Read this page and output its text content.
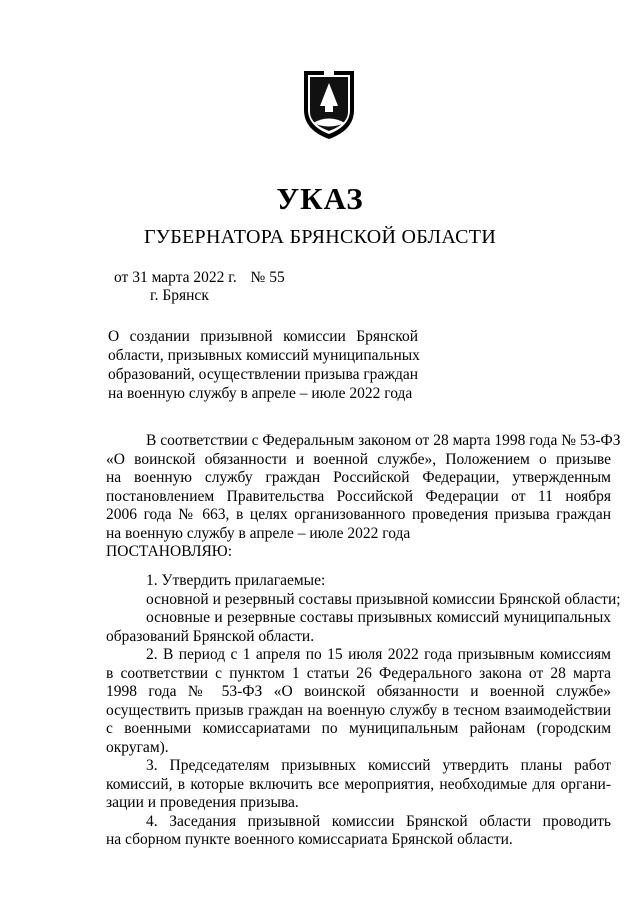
УКАЗ
ГУБЕРНАТОРА БРЯНСКОЙ ОБЛАСТИ
от 31 марта 2022 г. № 55
г. Брянск
О создании призывной комиссии Брянской
области, призывных комиссий муниципальных
образований, осуществлении призыва граждан
на военную службу в апреле – июле 2022 года
В соответствии с Федеральным законом от 28 марта 1998 года № 53-ФЗ
«О воинской обязанности и военной службе», Положением о призыве
на военную службу граждан Российской Федерации, утвержденным
постановлением Правительства Российской Федерации от 11 ноября
2006 года № 663, в целях организованного проведения призыва граждан
на военную службу в апреле – июле 2022 года
ПОСТАНОВЛЯЮ:
1. Утвердить прилагаемые:
основной и резервный составы призывной комиссии Брянской области;
основные и резервные составы призывных комиссий муниципальных
образований Брянской области.
2. В период с 1 апреля по 15 июля 2022 года призывным комиссиям
в соответствии с пунктом 1 статьи 26 Федерального закона от 28 марта
1998 года № 53-ФЗ «О воинской обязанности и военной службе»
осуществить призыв граждан на военную службу в тесном взаимодействии
с военными комиссариатами по муниципальным районам (городским
округам).
3. Председателям призывных комиссий утвердить планы работ
комиссий, в которые включить все мероприятия, необходимые для органи-
зации и проведения призыва.
4. Заседания призывной комиссии Брянской области проводить
на сборном пункте военного комиссариата Брянской области.
